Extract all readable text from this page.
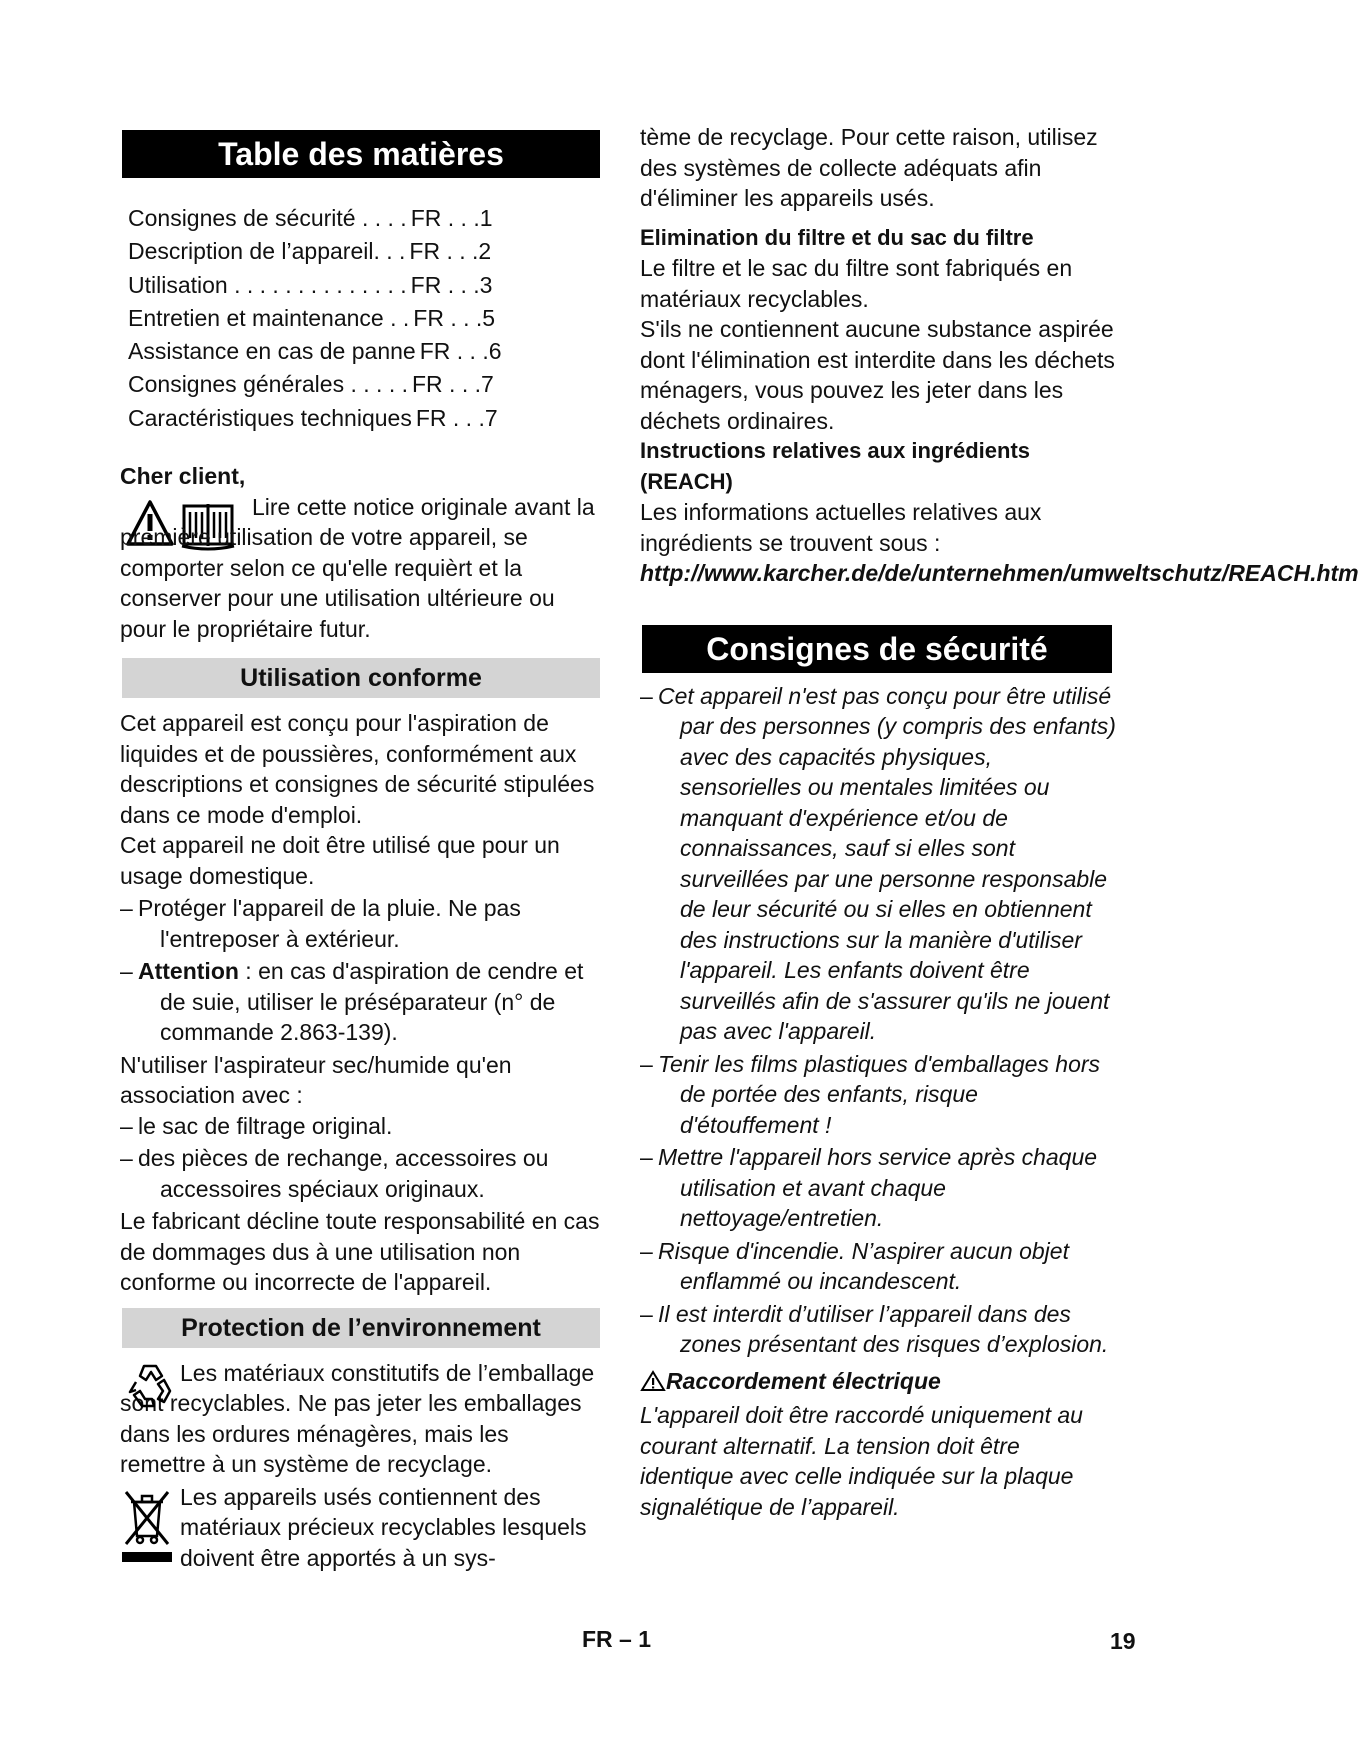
Table des matières
Consignes de sécurité . . . . FR . . .1
Description de l’appareil. . . FR . . .2
Utilisation . . . . . . . . . . . . . . FR . . .3
Entretien et maintenance . . FR . . .5
Assistance en cas de panne FR . . .6
Consignes générales . . . . . FR . . .7
Caractéristiques techniques FR . . .7

Cher client,

Lire cette notice originale avant la première utilisation de votre appareil, se comporter selon ce qu'elle requièrt et la conserver pour une utilisation ultérieure ou pour le propriétaire futur.

Utilisation conforme

Cet appareil est conçu pour l'aspiration de liquides et de poussières, conformément aux descriptions et consignes de sécurité stipulées dans ce mode d'emploi.

Cet appareil ne doit être utilisé que pour un usage domestique.

– Protéger l'appareil de la pluie. Ne pas l'entreposer à extérieur.

– Attention : en cas d'aspiration de cendre et de suie, utiliser le préséparateur (n° de commande 2.863-139).

N'utiliser l'aspirateur sec/humide qu'en association avec :

– le sac de filtrage original.

– des pièces de rechange, accessoires ou accessoires spéciaux originaux.

Le fabricant décline toute responsabilité en cas de dommages dus à une utilisation non conforme ou incorrecte de l'appareil.

Protection de l’environnement

Les matériaux constitutifs de l’emballage sont recyclables. Ne pas jeter les emballages dans les ordures ménagères, mais les remettre à un système de recyclage.

Les appareils usés contiennent des matériaux précieux recyclables lesquels doivent être apportés à un sys-

tème de recyclage. Pour cette raison, utilisez des systèmes de collecte adéquats afin d'éliminer les appareils usés.

Elimination du filtre et du sac du filtre

Le filtre et le sac du filtre sont fabriqués en matériaux recyclables.

S'ils ne contiennent aucune substance aspirée dont l'élimination est interdite dans les déchets ménagers, vous pouvez les jeter dans les déchets ordinaires.

Instructions relatives aux ingrédients (REACH)

Les informations actuelles relatives aux ingrédients se trouvent sous :

http://www.karcher.de/de/unternehmen/umweltschutz/REACH.htm

Consignes de sécurité

– Cet appareil n'est pas conçu pour être utilisé par des personnes (y compris des enfants) avec des capacités physiques, sensorielles ou mentales limitées ou manquant d'expérience et/ou de connaissances, sauf si elles sont surveillées par une personne responsable de leur sécurité ou si elles en obtiennent des instructions sur la manière d'utiliser l'appareil. Les enfants doivent être surveillés afin de s'assurer qu'ils ne jouent pas avec l'appareil.

– Tenir les films plastiques d'emballages hors de portée des enfants, risque d'étouffement !

– Mettre l'appareil hors service après chaque utilisation et avant chaque nettoyage/entretien.

– Risque d'incendie. N’aspirer aucun objet enflammé ou incandescent.

– Il est interdit d’utiliser l’appareil dans des zones présentant des risques d’explosion.

Raccordement électrique

L'appareil doit être raccordé uniquement au courant alternatif. La tension doit être identique avec celle indiquée sur la plaque signalétique de l’appareil.

FR – 1	19
